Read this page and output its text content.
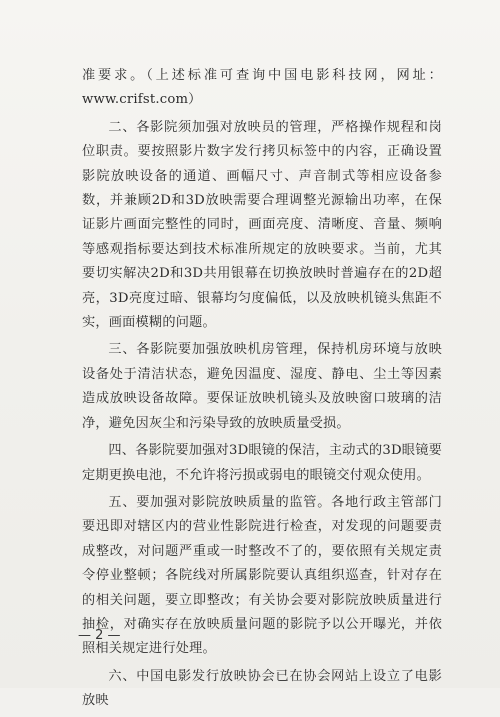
准要求。（上述标准可查询中国电影科技网，网址：www.crifst.com）

二、各影院须加强对放映员的管理，严格操作规程和岗位职责。要按照影片数字发行拷贝标签中的内容，正确设置影院放映设备的通道、画幅尺寸、声音制式等相应设备参数，并兼顾2D和3D放映需要合理调整光源输出功率，在保证影片画面完整性的同时，画面亮度、清晰度、音量、频响等感观指标要达到技术标准所规定的放映要求。当前，尤其要切实解决2D和3D共用银幕在切换放映时普遍存在的2D超亮，3D亮度过暗、银幕均匀度偏低，以及放映机镜头焦距不实，画面模糊的问题。

三、各影院要加强放映机房管理，保持机房环境与放映设备处于清洁状态，避免因温度、湿度、静电、尘土等因素造成放映设备故障。要保证放映机镜头及放映窗口玻璃的洁净，避免因灰尘和污染导致的放映质量受损。

四、各影院要加强对3D眼镜的保洁，主动式的3D眼镜要定期更换电池，不允许将污损或弱电的眼镜交付观众使用。

五、要加强对影院放映质量的监管。各地行政主管部门要迅即对辖区内的营业性影院进行检查，对发现的问题要责成整改，对问题严重或一时整改不了的，要依照有关规定责令停业整顿；各院线对所属影院要认真组织巡查，针对存在的相关问题，要立即整改；有关协会要对影院放映质量进行抽检，对确实存在放映质量问题的影院予以公开曝光，并依照相关规定进行处理。

六、中国电影发行放映协会已在协会网站上设立了电影放映

— 2 —
